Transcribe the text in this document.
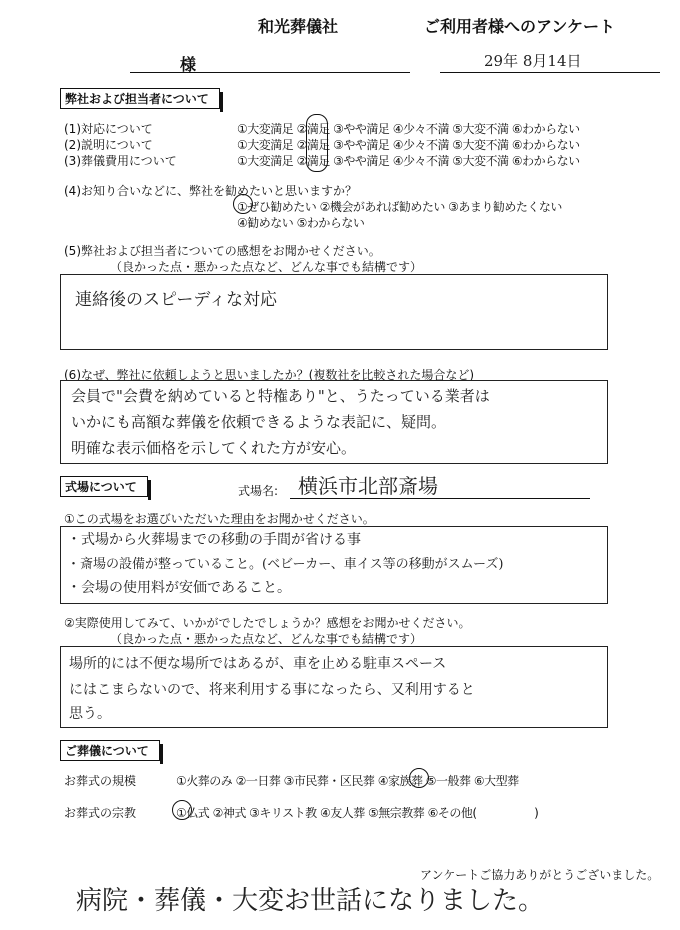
和光葬儀社	ご利用者様へのアンケート
様	29年 8月14日
弊社および担当者について
(1)対応について	①大変満足 ②満足 ③やや満足 ④少々不満 ⑤大変不満 ⑥わからない
(2)説明について	①大変満足 ②満足 ③やや満足 ④少々不満 ⑤大変不満 ⑥わからない
(3)葬儀費用について	①大変満足 ②満足 ③やや満足 ④少々不満 ⑤大変不満 ⑥わからない
(4)お知り合いなどに、弊社を勧めたいと思いますか？
①ぜひ勧めたい ②機会があれば勧めたい ③あまり勧めたくない
④勧めない ⑤わからない
(5)弊社および担当者についての感想をお聞かせください。
（良かった点・悪かった点など、どんな事でも結構です）
連絡後のスピーディな対応
(6)なぜ、弊社に依頼しようと思いましたか？(複数社を比較された場合など)
会員で"会費を納めていると特権あり"と、うたっている業者は
いかにも高額な葬儀を依頼できるような表記に、疑問。
明確な表示価格を示してくれた方が安心。
式場について	式場名: 横浜市北部斎場
①この式場をお選びいただいた理由をお聞かせください。
・式場から火葬場までの移動の手間が省ける事
・斎場の設備が整っていること。(ベビーカー、車イス等の移動がスムーズ)
・会場の使用料が安価であること。
②実際使用してみて、いかがでしたでしょうか？感想をお聞かせください。
（良かった点・悪かった点など、どんな事でも結構です）
場所的には不便な場所ではあるが、車を止める駐車スペース
にはこまらないので、将来利用する事になったら、又利用すると
思う。
ご葬儀について
お葬式の規模	①火葬のみ ②一日葬 ③市民葬・区民葬 ④家族葬 ⑤一般葬 ⑥大型葬
お葬式の宗教	①仏式 ②神式 ③キリスト教 ④友人葬 ⑤無宗教葬 ⑥その他(　　　　　)
アンケートご協力ありがとうございました。
病院・葬儀・大変お世話になりました。
